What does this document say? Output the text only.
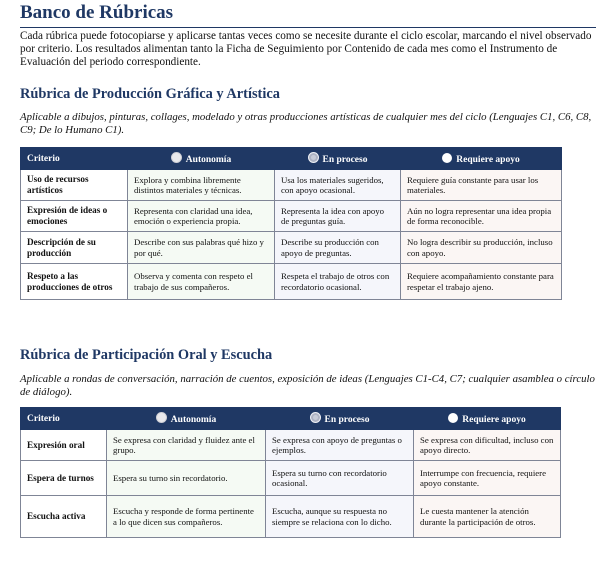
Banco de Rúbricas
Cada rúbrica puede fotocopiarse y aplicarse tantas veces como se necesite durante el ciclo escolar, marcando el nivel observado por criterio. Los resultados alimentan tanto la Ficha de Seguimiento por Contenido de cada mes como el Instrumento de Evaluación del periodo correspondiente.
Rúbrica de Producción Gráfica y Artística
Aplicable a dibujos, pinturas, collages, modelado y otras producciones artísticas de cualquier mes del ciclo (Lenguajes C1, C6, C8, C9; De lo Humano C1).
Criterio	Autonomía	En proceso	Requiere apoyo
Uso de recursos artísticos	Explora y combina libremente distintos materiales y técnicas.	Usa los materiales sugeridos, con apoyo ocasional.	Requiere guía constante para usar los materiales.
Expresión de ideas o emociones	Representa con claridad una idea, emoción o experiencia propia.	Representa la idea con apoyo de preguntas guía.	Aún no logra representar una idea propia de forma reconocible.
Descripción de su producción	Describe con sus palabras qué hizo y por qué.	Describe su producción con apoyo de preguntas.	No logra describir su producción, incluso con apoyo.
Respeto a las producciones de otros	Observa y comenta con respeto el trabajo de sus compañeros.	Respeta el trabajo de otros con recordatorio ocasional.	Requiere acompañamiento constante para respetar el trabajo ajeno.
Rúbrica de Participación Oral y Escucha
Aplicable a rondas de conversación, narración de cuentos, exposición de ideas (Lenguajes C1-C4, C7; cualquier asamblea o círculo de diálogo).
Criterio	Autonomía	En proceso	Requiere apoyo
Expresión oral	Se expresa con claridad y fluidez ante el grupo.	Se expresa con apoyo de preguntas o ejemplos.	Se expresa con dificultad, incluso con apoyo directo.
Espera de turnos	Espera su turno sin recordatorio.	Espera su turno con recordatorio ocasional.	Interrumpe con frecuencia, requiere apoyo constante.
Escucha activa	Escucha y responde de forma pertinente a lo que dicen sus compañeros.	Escucha, aunque su respuesta no siempre se relaciona con lo dicho.	Le cuesta mantener la atención durante la participación de otros.
